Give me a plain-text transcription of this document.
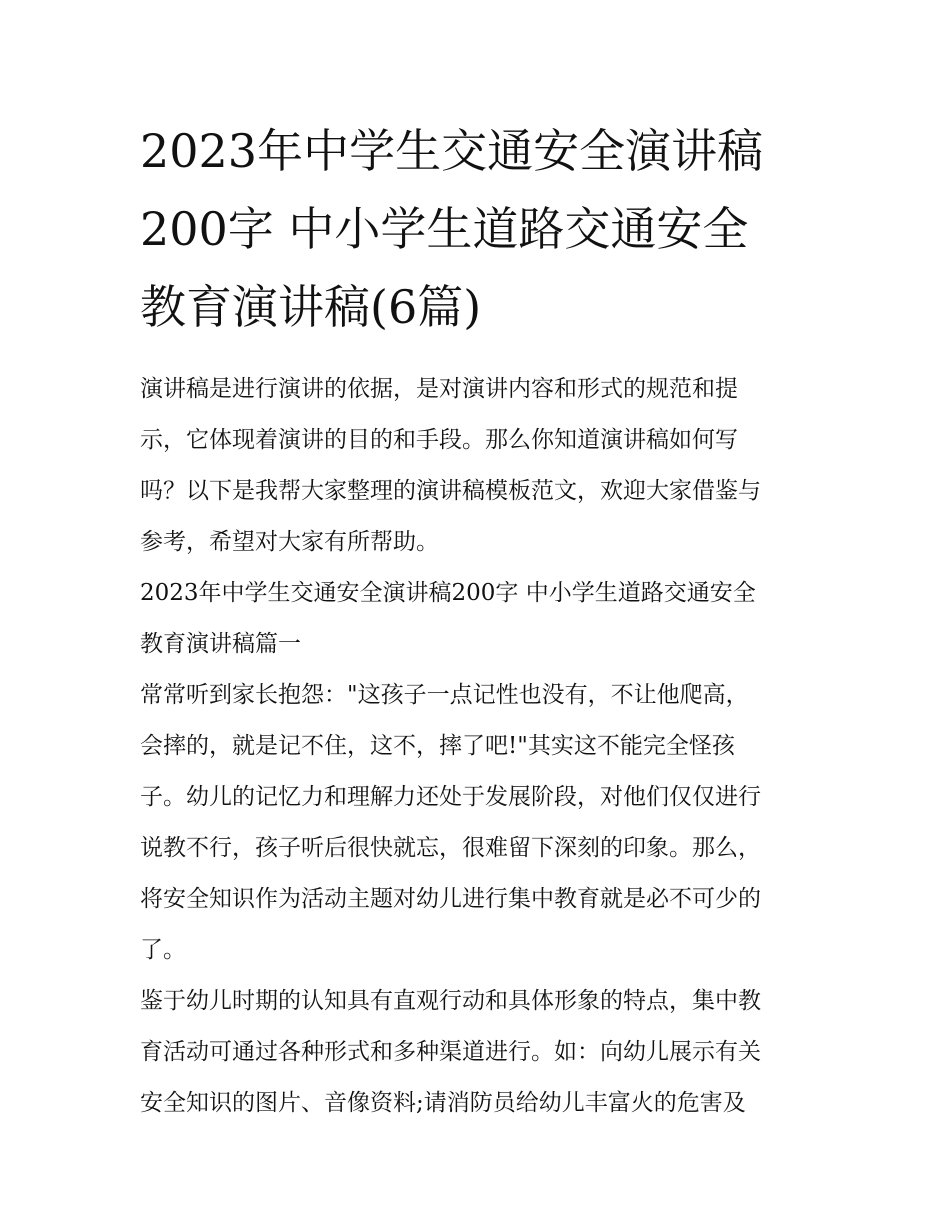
2023年中学生交通安全演讲稿
200字 中小学生道路交通安全
教育演讲稿(6篇)
演讲稿是进行演讲的依据，是对演讲内容和形式的规范和提
示，它体现着演讲的目的和手段。那么你知道演讲稿如何写
吗？以下是我帮大家整理的演讲稿模板范文，欢迎大家借鉴与
参考，希望对大家有所帮助。
2023年中学生交通安全演讲稿200字 中小学生道路交通安全
教育演讲稿篇一
常常听到家长抱怨："这孩子一点记性也没有，不让他爬高，
会摔的，就是记不住，这不，摔了吧!"其实这不能完全怪孩
子。幼儿的记忆力和理解力还处于发展阶段，对他们仅仅进行
说教不行，孩子听后很快就忘，很难留下深刻的印象。那么，
将安全知识作为活动主题对幼儿进行集中教育就是必不可少的
了。
鉴于幼儿时期的认知具有直观行动和具体形象的特点，集中教
育活动可通过各种形式和多种渠道进行。如：向幼儿展示有关
安全知识的图片、音像资料;请消防员给幼儿丰富火的危害及
